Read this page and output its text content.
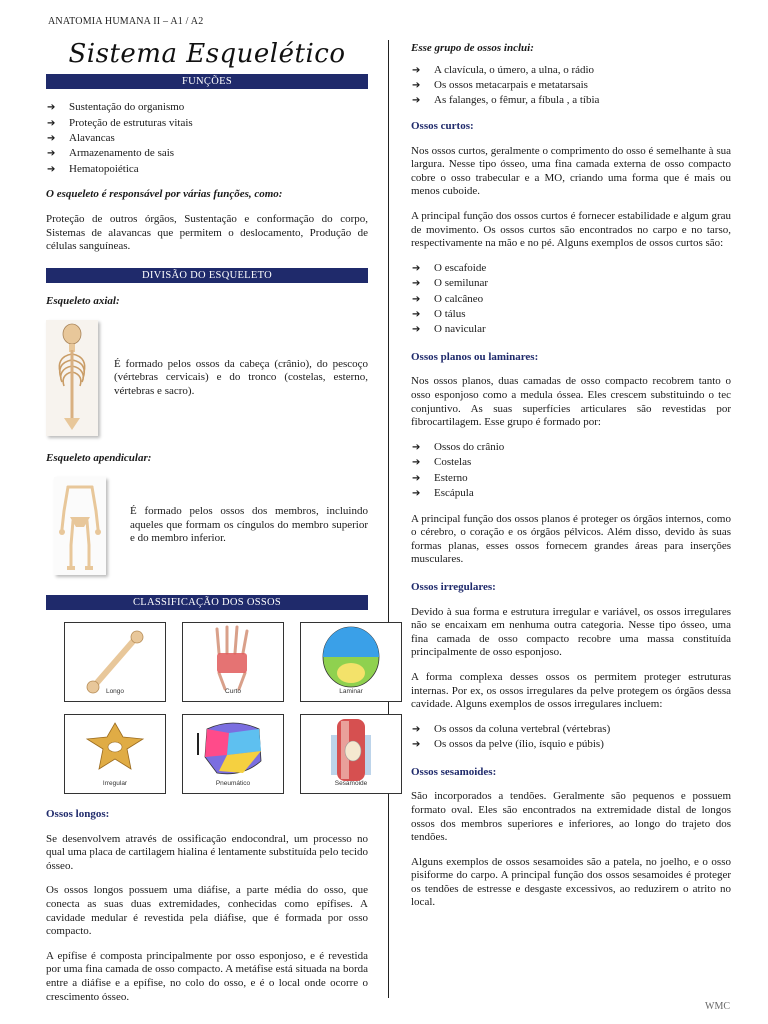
ANATOMIA HUMANA II – A1 / A2
Sistema Esquelético
FUNÇÕES
➔ Sustentação do organismo
➔ Proteção de estruturas vitais
➔ Alavancas
➔ Armazenamento de sais
➔ Hematopoiética
O esqueleto é responsável por várias funções, como:

Proteção de outros órgãos, Sustentação e conformação do corpo, Sistemas de alavancas que permitem o deslocamento, Produção de células sanguíneas.

DIVISÃO DO ESQUELETO
Esqueleto axial:

É formado pelos ossos da cabeça (crânio), do pescoço (vértebras cervicais) e do tronco (costelas, esterno, vértebras e sacro).

Esqueleto apendicular:

É formado pelos ossos dos membros, incluindo aqueles que formam os cíngulos do membro superior e do membro inferior.

CLASSIFICAÇÃO DOS OSSOS
Longo	Curto	Laminar
Irregular	Pneumático	Sesamoide
Ossos longos:

Se desenvolvem através de ossificação endocondral, um processo no qual uma placa de cartilagem hialina é lentamente substituída pelo tecido ósseo.

Os ossos longos possuem uma diáfise, a parte média do osso, que conecta as suas duas extremidades, conhecidas como epífises. A cavidade medular é revestida pela diáfise, que é formada por osso compacto.

A epífise é composta principalmente por osso esponjoso, e é revestida por uma fina camada de osso compacto. A metáfise está situada na borda entre a diáfise e a epífise, no colo do osso, e é o local onde ocorre o crescimento ósseo.

Esse grupo de ossos inclui:
➔ A clavícula, o úmero, a ulna, o rádio
➔ Os ossos metacarpais e metatarsais
➔ As falanges, o fêmur, a fíbula , a tíbia
Ossos curtos:

Nos ossos curtos, geralmente o comprimento do osso é semelhante à sua largura. Nesse tipo ósseo, uma fina camada externa de osso compacto cobre o osso trabecular e a MO, criando uma forma que é mais ou menos cuboide.

A principal função dos ossos curtos é fornecer estabilidade e algum grau de movimento. Os ossos curtos são encontrados no carpo e no tarso, respectivamente na mão e no pé. Alguns exemplos de ossos curtos são:

➔ O escafoide
➔ O semilunar
➔ O calcâneo
➔ O tálus
➔ O navicular
Ossos planos ou laminares:

Nos ossos planos, duas camadas de osso compacto recobrem tanto o osso esponjoso como a medula óssea. Eles crescem substituindo o tec conjuntivo. As suas superfícies articulares são revestidas por fibrocartilagem. Esse grupo é formado por:

➔ Ossos do crânio
➔ Costelas
➔ Esterno
➔ Escápula

A principal função dos ossos planos é proteger os órgãos internos, como o cérebro, o coração e os órgãos pélvicos. Além disso, devido às suas formas planas, esses ossos fornecem grandes áreas para inserções musculares.

Ossos irregulares:

Devido à sua forma e estrutura irregular e variável, os ossos irregulares não se encaixam em nenhuma outra categoria. Nesse tipo ósseo, uma fina camada de osso compacto recobre uma massa constituída principalmente de osso esponjoso.

A forma complexa desses ossos os permitem proteger estruturas internas. Por ex, os ossos irregulares da pelve protegem os órgãos dessa cavidade. Alguns exemplos de ossos irregulares incluem:

➔ Os ossos da coluna vertebral (vértebras)
➔ Os ossos da pelve (ílio, ísquio e púbis)
Ossos sesamoides:

São incorporados a tendões. Geralmente são pequenos e possuem formato oval. Eles são encontrados na extremidade distal de longos ossos dos membros superiores e inferiores, ao longo do trajeto dos tendões.

Alguns exemplos de ossos sesamoides são a patela, no joelho, e o osso pisiforme do carpo. A principal função dos ossos sesamoides é proteger os tendões de estresse e desgaste excessivos, ao reduzirem o atrito no local.

WMC
